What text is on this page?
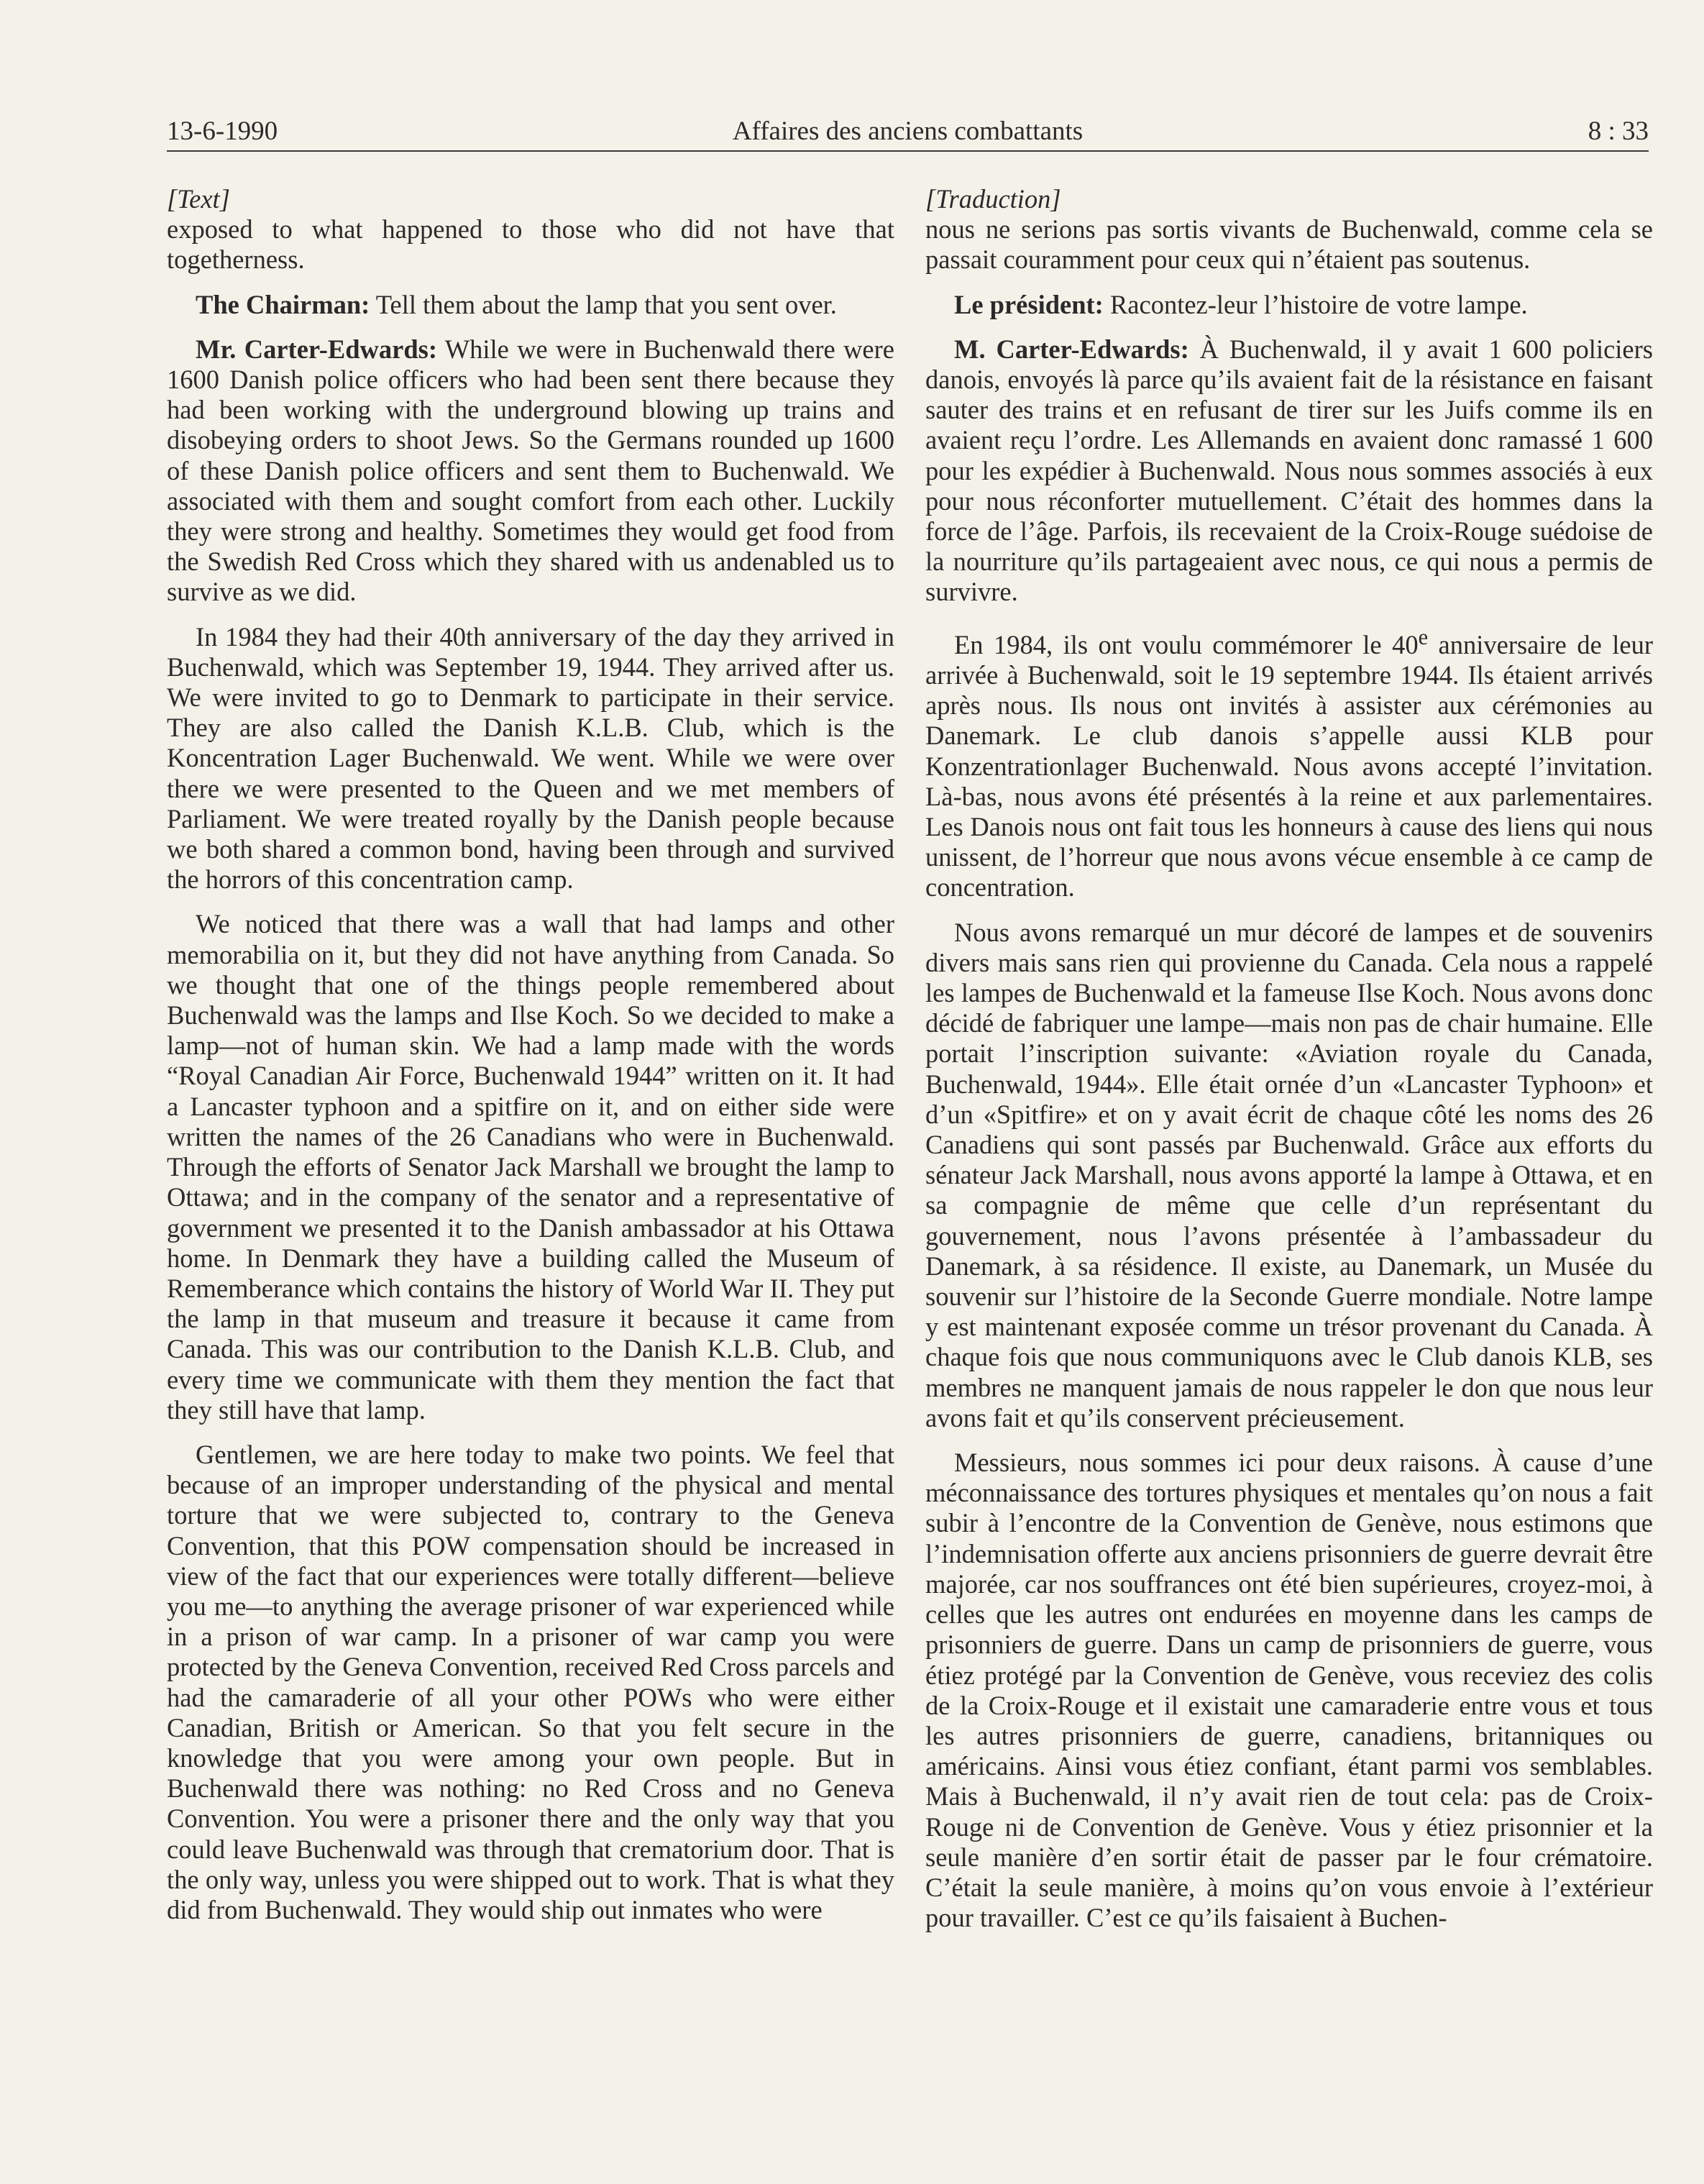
13-6-1990	Affaires des anciens combattants	8 : 33
[Text]

exposed to what happened to those who did not have that togetherness.

The Chairman: Tell them about the lamp that you sent over.

Mr. Carter-Edwards: While we were in Buchenwald there were 1600 Danish police officers who had been sent there because they had been working with the underground blowing up trains and disobeying orders to shoot Jews. So the Germans rounded up 1600 of these Danish police officers and sent them to Buchenwald. We associated with them and sought comfort from each other. Luckily they were strong and healthy. Sometimes they would get food from the Swedish Red Cross which they shared with us andenabled us to survive as we did.

In 1984 they had their 40th anniversary of the day they arrived in Buchenwald, which was September 19, 1944. They arrived after us. We were invited to go to Denmark to participate in their service. They are also called the Danish K.L.B. Club, which is the Koncentration Lager Buchenwald. We went. While we were over there we were presented to the Queen and we met members of Parliament. We were treated royally by the Danish people because we both shared a common bond, having been through and survived the horrors of this concentration camp.

We noticed that there was a wall that had lamps and other memorabilia on it, but they did not have anything from Canada. So we thought that one of the things people remembered about Buchenwald was the lamps and Ilse Koch. So we decided to make a lamp—not of human skin. We had a lamp made with the words “Royal Canadian Air Force, Buchenwald 1944” written on it. It had a Lancaster typhoon and a spitfire on it, and on either side were written the names of the 26 Canadians who were in Buchenwald. Through the efforts of Senator Jack Marshall we brought the lamp to Ottawa; and in the company of the senator and a representative of government we presented it to the Danish ambassador at his Ottawa home. In Denmark they have a building called the Museum of Rememberance which contains the history of World War II. They put the lamp in that museum and treasure it because it came from Canada. This was our contribution to the Danish K.L.B. Club, and every time we communicate with them they mention the fact that they still have that lamp.

Gentlemen, we are here today to make two points. We feel that because of an improper understanding of the physical and mental torture that we were subjected to, contrary to the Geneva Convention, that this POW compensation should be increased in view of the fact that our experiences were totally different—believe you me—to anything the average prisoner of war experienced while in a prison of war camp. In a prisoner of war camp you were protected by the Geneva Convention, received Red Cross parcels and had the camaraderie of all your other POWs who were either Canadian, British or American. So that you felt secure in the knowledge that you were among your own people. But in Buchenwald there was nothing: no Red Cross and no Geneva Convention. You were a prisoner there and the only way that you could leave Buchenwald was through that crematorium door. That is the only way, unless you were shipped out to work. That is what they did from Buchenwald. They would ship out inmates who were

[Traduction]

nous ne serions pas sortis vivants de Buchenwald, comme cela se passait couramment pour ceux qui n’étaient pas soutenus.

Le président: Racontez-leur l’histoire de votre lampe.

M. Carter-Edwards: À Buchenwald, il y avait 1 600 policiers danois, envoyés là parce qu’ils avaient fait de la résistance en faisant sauter des trains et en refusant de tirer sur les Juifs comme ils en avaient reçu l’ordre. Les Allemands en avaient donc ramassé 1 600 pour les expédier à Buchenwald. Nous nous sommes associés à eux pour nous réconforter mutuellement. C’était des hommes dans la force de l’âge. Parfois, ils recevaient de la Croix-Rouge suédoise de la nourriture qu’ils partageaient avec nous, ce qui nous a permis de survivre.

En 1984, ils ont voulu commémorer le 40e anniversaire de leur arrivée à Buchenwald, soit le 19 septembre 1944. Ils étaient arrivés après nous. Ils nous ont invités à assister aux cérémonies au Danemark. Le club danois s’appelle aussi KLB pour Konzentrationlager Buchenwald. Nous avons accepté l’invitation. Là-bas, nous avons été présentés à la reine et aux parlementaires. Les Danois nous ont fait tous les honneurs à cause des liens qui nous unissent, de l’horreur que nous avons vécue ensemble à ce camp de concentration.

Nous avons remarqué un mur décoré de lampes et de souvenirs divers mais sans rien qui provienne du Canada. Cela nous a rappelé les lampes de Buchenwald et la fameuse Ilse Koch. Nous avons donc décidé de fabriquer une lampe—mais non pas de chair humaine. Elle portait l’inscription suivante: «Aviation royale du Canada, Buchenwald, 1944». Elle était ornée d’un «Lancaster Typhoon» et d’un «Spitfire» et on y avait écrit de chaque côté les noms des 26 Canadiens qui sont passés par Buchenwald. Grâce aux efforts du sénateur Jack Marshall, nous avons apporté la lampe à Ottawa, et en sa compagnie de même que celle d’un représentant du gouvernement, nous l’avons présentée à l’ambassadeur du Danemark, à sa résidence. Il existe, au Danemark, un Musée du souvenir sur l’histoire de la Seconde Guerre mondiale. Notre lampe y est maintenant exposée comme un trésor provenant du Canada. À chaque fois que nous communiquons avec le Club danois KLB, ses membres ne manquent jamais de nous rappeler le don que nous leur avons fait et qu’ils conservent précieusement.

Messieurs, nous sommes ici pour deux raisons. À cause d’une méconnaissance des tortures physiques et mentales qu’on nous a fait subir à l’encontre de la Convention de Genève, nous estimons que l’indemnisation offerte aux anciens prisonniers de guerre devrait être majorée, car nos souffrances ont été bien supérieures, croyez-moi, à celles que les autres ont endurées en moyenne dans les camps de prisonniers de guerre. Dans un camp de prisonniers de guerre, vous étiez protégé par la Convention de Genève, vous receviez des colis de la Croix-Rouge et il existait une camaraderie entre vous et tous les autres prisonniers de guerre, canadiens, britanniques ou américains. Ainsi vous étiez confiant, étant parmi vos semblables. Mais à Buchenwald, il n’y avait rien de tout cela: pas de Croix-Rouge ni de Convention de Genève. Vous y étiez prisonnier et la seule manière d’en sortir était de passer par le four crématoire. C’était la seule manière, à moins qu’on vous envoie à l’extérieur pour travailler. C’est ce qu’ils faisaient à Buchen-
